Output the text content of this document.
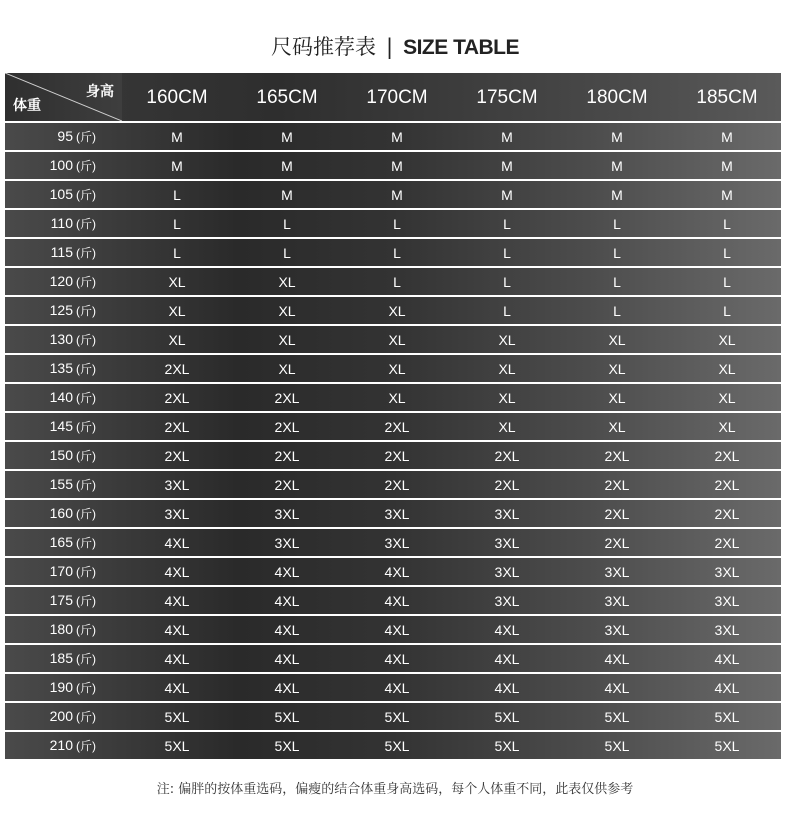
尺码推荐表 | SIZE TABLE
身高
体重	160CM	165CM	170CM	175CM	180CM	185CM
95 (斤)	M	M	M	M	M	M
100 (斤)	M	M	M	M	M	M
105 (斤)	L	M	M	M	M	M
110 (斤)	L	L	L	L	L	L
115 (斤)	L	L	L	L	L	L
120 (斤)	XL	XL	L	L	L	L
125 (斤)	XL	XL	XL	L	L	L
130 (斤)	XL	XL	XL	XL	XL	XL
135 (斤)	2XL	XL	XL	XL	XL	XL
140 (斤)	2XL	2XL	XL	XL	XL	XL
145 (斤)	2XL	2XL	2XL	XL	XL	XL
150 (斤)	2XL	2XL	2XL	2XL	2XL	2XL
155 (斤)	3XL	2XL	2XL	2XL	2XL	2XL
160 (斤)	3XL	3XL	3XL	3XL	2XL	2XL
165 (斤)	4XL	3XL	3XL	3XL	2XL	2XL
170 (斤)	4XL	4XL	4XL	3XL	3XL	3XL
175 (斤)	4XL	4XL	4XL	3XL	3XL	3XL
180 (斤)	4XL	4XL	4XL	4XL	3XL	3XL
185 (斤)	4XL	4XL	4XL	4XL	4XL	4XL
190 (斤)	4XL	4XL	4XL	4XL	4XL	4XL
200 (斤)	5XL	5XL	5XL	5XL	5XL	5XL
210 (斤)	5XL	5XL	5XL	5XL	5XL	5XL
注: 偏胖的按体重选码，偏瘦的结合体重身高选码，每个人体重不同，此表仅供参考
